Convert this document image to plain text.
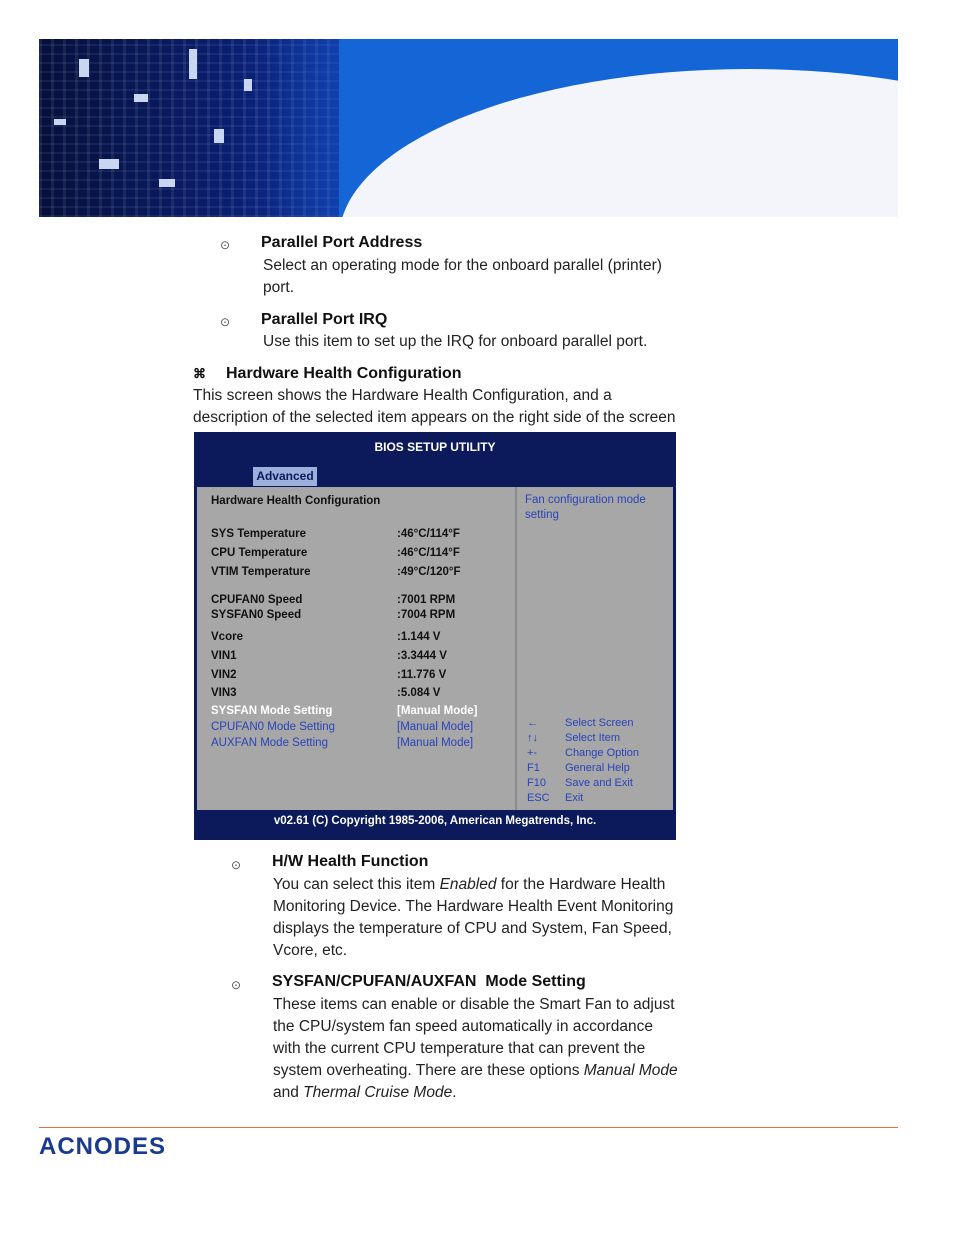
⊙ Parallel Port Address
Select an operating mode for the onboard parallel (printer)
port.
⊙ Parallel Port IRQ
Use this item to set up the IRQ for onboard parallel port.
⌘ Hardware Health Configuration
This screen shows the Hardware Health Configuration, and a
description of the selected item appears on the right side of the screen
BIOS SETUP UTILITY
Advanced
Hardware Health Configuration
SYS Temperature	:46°C/114°F
CPU Temperature	:46°C/114°F
VTIM Temperature	:49°C/120°F
CPUFAN0 Speed	:7001 RPM
SYSFAN0 Speed	:7004 RPM
Vcore	:1.144 V
VIN1	:3.3444 V
VIN2	:11.776 V
VIN3	:5.084 V
SYSFAN Mode Setting	[Manual Mode]
CPUFAN0 Mode Setting	[Manual Mode]
AUXFAN Mode Setting	[Manual Mode]
Fan configuration mode setting
← Select Screen
↑↓ Select Item
+-	Change Option
F1 General Help
F10 Save and Exit
ESC Exit
v02.61 (C) Copyright 1985-2006, American Megatrends, Inc.
⊙ H/W Health Function
You can select this item Enabled for the Hardware Health
Monitoring Device. The Hardware Health Event Monitoring
displays the temperature of CPU and System, Fan Speed,
Vcore, etc.
⊙ SYSFAN/CPUFAN/AUXFAN  Mode Setting
These items can enable or disable the Smart Fan to adjust
the CPU/system fan speed automatically in accordance
with the current CPU temperature that can prevent the
system overheating. There are these options Manual Mode
and Thermal Cruise Mode.
ACNODES
